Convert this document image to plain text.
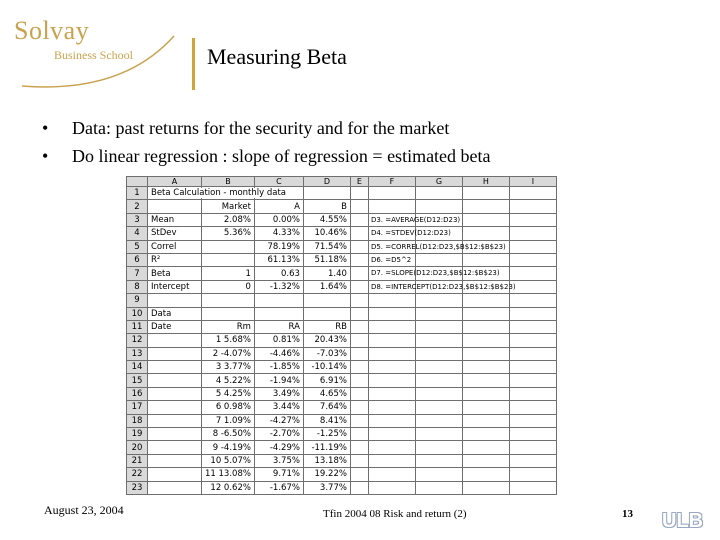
Solvay
Business School	Measuring Beta
• Data: past returns for the security and for the market
• Do linear regression : slope of regression = estimated beta
	A	B	C	D	E	F	G	H	I
1	Beta Calculation - monthly data								

2		Market	A	B		

3	Mean	2.08%	0.00%	4.55%		D3. =AVERAGE(D12:D23)			

4	StDev	5.36%	4.33%	10.46%		D4. =STDEV(D12:D23)			

5	Correl		78.19%	71.54%		D5. =CORREL(D12:D23,$B$12:$B$23)			

6	R²		61.13%	51.18%		D6. =D5^2			

7	Beta	1	0.63	1.40		D7. =SLOPE(D12:D23,$B$12:$B$23)			

8	Intercept	0	-1.32%	1.64%		D8. =INTERCEPT(D12:D23,$B$12:$B$23)			

9						

10	Data					

11	Date	Rm	RA	RB		

12		1 5.68%	0.81%	20.43%		

13		2 -4.07%	-4.46%	-7.03%		

14		3 3.77%	-1.85%	-10.14%		

15		4 5.22%	-1.94%	6.91%		

16		5 4.25%	3.49%	4.65%		

17		6 0.98%	3.44%	7.64%		

18		7 1.09%	-4.27%	8.41%		

19		8 -6.50%	-2.70%	-1.25%		

20		9 -4.19%	-4.29%	-11.19%		

21		10 5.07%	3.75%	13.18%		

22		11 13.08%	9.71%	19.22%		

23		12 0.62%	-1.67%	3.77%		

August 23, 2004	Tfin 2004 08 Risk and return (2)	13 ULB
